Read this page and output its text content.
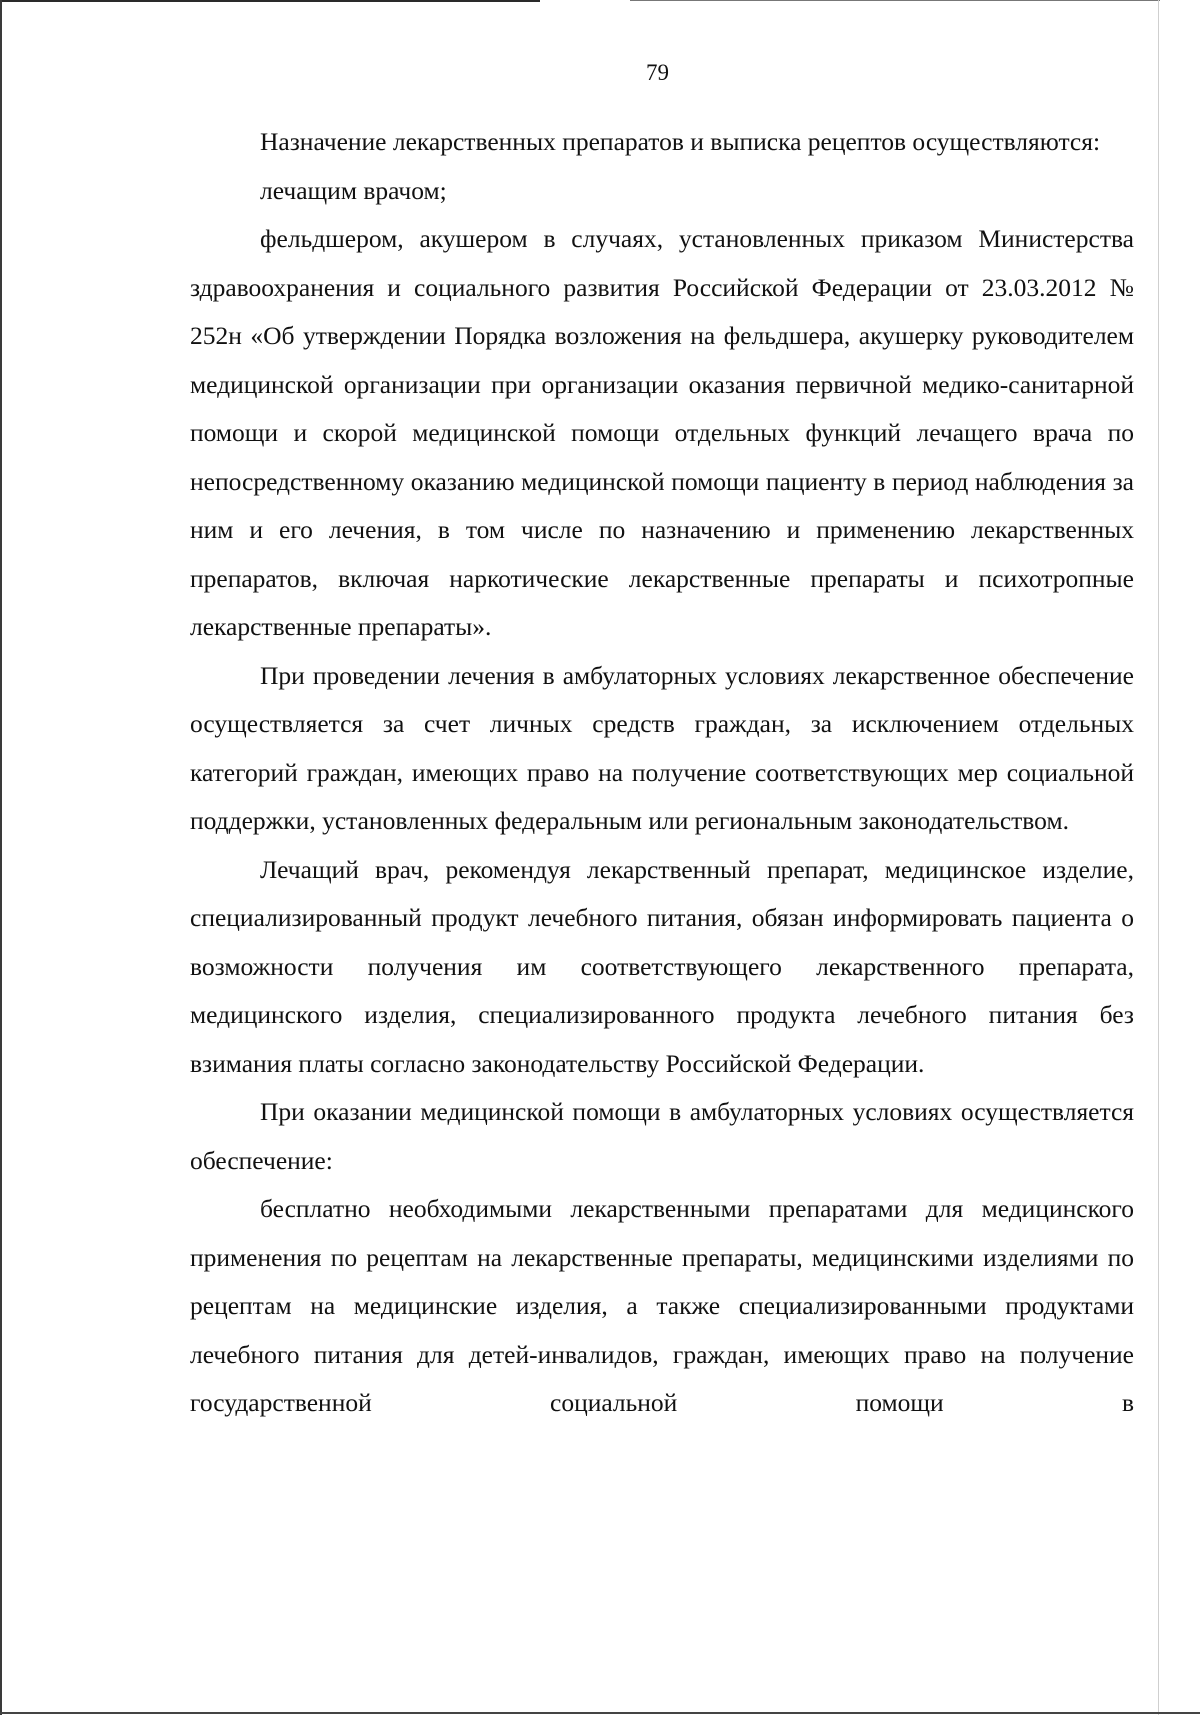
79

Назначение лекарственных препаратов и выписка рецептов осуществляются:

лечащим врачом;

фельдшером, акушером в случаях, установленных приказом Министерства здравоохранения и социального развития Российской Федерации от 23.03.2012 № 252н «Об утверждении Порядка возложения на фельдшера, акушерку руководителем медицинской организации при организации оказания первичной медико-санитарной помощи и скорой медицинской помощи отдельных функций лечащего врача по непосредственному оказанию медицинской помощи пациенту в период наблюдения за ним и его лечения, в том числе по назначению и применению лекарственных препаратов, включая наркотические лекарственные препараты и психотропные лекарственные препараты».

При проведении лечения в амбулаторных условиях лекарственное обеспечение осуществляется за счет личных средств граждан, за исключением отдельных категорий граждан, имеющих право на получение соответствующих мер социальной поддержки, установленных федеральным или региональным законодательством.

Лечащий врач, рекомендуя лекарственный препарат, медицинское изделие, специализированный продукт лечебного питания, обязан информировать пациента о возможности получения им соответствующего лекарственного препарата, медицинского изделия, специализированного продукта лечебного питания без взимания платы согласно законодательству Российской Федерации.

При оказании медицинской помощи в амбулаторных условиях осуществляется обеспечение:

бесплатно необходимыми лекарственными препаратами для медицинского применения по рецептам на лекарственные препараты, медицинскими изделиями по рецептам на медицинские изделия, а также специализированными продуктами лечебного питания для детей-инвалидов, граждан, имеющих право на получение государственной социальной помощи в
